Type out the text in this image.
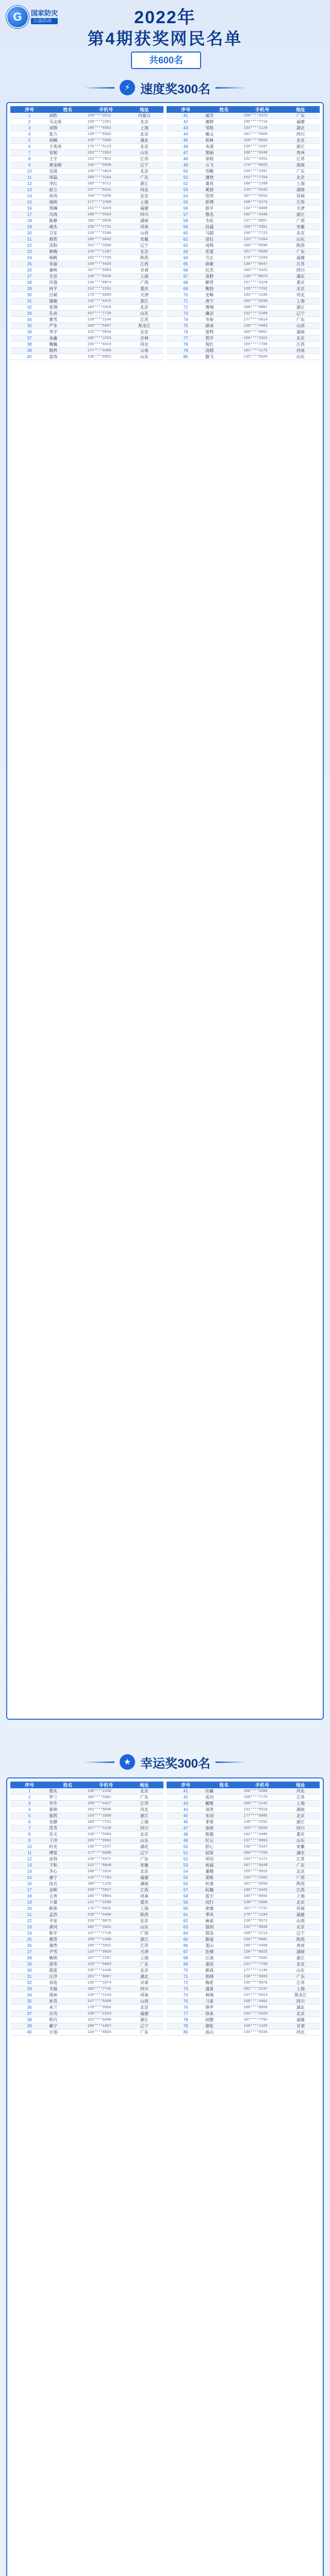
G	国家防灾
公益活动	2022年
第4期获奖网民名单
共600名
⚡ 速度奖300名
序号	姓名	手机号	地址
1	刘欣	150****3211	内蒙古
2	马文成	158****2261	北京
3	刘锦	186****6562	上海
4	张力	139****8562	北京
5	胡楠	135****3365	湖北
6	王兆岚	176****5123	北京
7	安妮	183****2652	山东
8	王宇	133****7821	江苏
9	黄金刚	136****9930	辽宁
10	吴晨	138****1024	北京
11	周磊	189****2264	广东
12	李红	185****8711	浙江
13	赵立	137****6542	河北
14	孙伟	150****3356	北京
15	钱明	177****2208	上海
16	郑琳	131****4419	福建
17	冯涛	188****5563	四川
18	陈静	186****9020	湖南
19	褚杰	159****7731	河南
20	卫东	139****2286	山西
21	蒋欣	180****6642	安徽
22	沈阳	151****3390	辽宁
23	韩梅	134****1187	北京
24	杨帆	182****7759	陕西
25	朱丽	158****4426	江西
26	秦岭	187****9903	甘肃
27	尤佳	130****5536	上海
28	许强	136****8874	广西
29	何平	152****2261	重庆
30	吕斌	178****6605	天津
31	施敏	135****4472	浙江
32	张翔	183****3318	北京
33	孔亮	157****7720	山东
34	曹雪	139****1146	江苏
35	严冬	189****5587	黑龙江
36	华宇	132****9934	北京
37	金鑫	186****2253	吉林
38	魏巍	155****6619	河北
39	陶然	177****4408	云南
40	姜涛	138****8862	山东
序号	姓名	手机号	地址
41	戚芳	150****3375	广东
42	谢婷	185****7716	福建
43	邹凯	133****1120	湖北
44	喻文	181****5569	四川
45	柏林	159****9943	北京
46	水清	136****2287	浙江
47	窦丽	188****6630	贵州
48	章程	131****4451	江苏
49	云飞	176****8825	海南
50	苏醒	139****3397	广东
51	潘登	152****7764	北京
52	葛亮	180****1108	上海
53	奚蓉	135****5542	湖南
54	范伟	187****9916	河南
55	彭博	158****2273	江西
56	郎平	134****6689	天津
57	鲁迅	182****4430	浙江
58	韦伦	137****8857	广西
59	昌盛	150****3301	安徽
60	马超	186****7725	北京
61	苗壮	133****1164	山东
62	凤鸣	189****5590	陕西
63	花蕾	151****9938	广东
64	方正	178****2209	福建
65	俞敏	136****6647	江苏
66	任杰	185****4415	四川
67	袁野	130****8873	湖北
68	柳青	157****3328	重庆
69	鲍勃	139****7762	北京
70	史峰	183****1196	河北
71	唐宁	155****5530	上海
72	费翔	188****9907	浙江
73	廉洁	132****2268	辽宁
74	岑参	177****6614	广东
75	薛冰	138****4483	山西
76	雷鸣	186****8851	湖南
77	贺岁	150****3322	北京
78	倪红	159****7709	江西
79	汤圆	181****1175	河南
80	滕飞	135****5546	山东
★ 幸运奖300名
序号	姓名	手机号	地址
1	殷实	138****2250	北京
2	罗兰	186****6681	广东
3	毕升	150****4417	江苏
4	郝帅	183****8836	河北
5	邬然	133****3309	浙江
6	安静	189****7751	上海
7	常青	157****1128	四川
8	乐天	136****5594	北京
9	于洋	185****9962	山东
10	时光	130****2237	湖北
11	傅雷	177****6605	辽宁
12	皮特	139****4471	广东
13	卞和	152****8840	安徽
14	齐心	188****3316	北京
15	康宁	134****7783	福建
16	伍兵	180****1159	湖南
17	余晖	158****5527	江西
18	元宵	186****9904	河南
19	卜算	131****2268	重庆
20	顾客	176****6632	上海
21	孟浩	138****4409	陕西
22	平安	155****8875	北京
23	黄河	182****3341	山东
24	和平	137****7718	广西
25	穆青	150****1186	浙江
26	萧然	189****5552	江苏
27	尹雪	133****9920	天津
28	姚明	187****2297	上海
29	邵华	159****6663	广东
30	湛蓝	135****4430	北京
31	汪洋	181****8807	湖北
32	祁连	136****3374	甘肃
33	毛毅	185****7741	四川
34	禹州	130****1115	河南
35	狄青	157****5589	山西
36	米兰	178****9956	北京
37	贝壳	139****2223	福建
38	明月	152****6690	浙江
39	臧宁	188****4467	辽宁
40	计划	134****8834	广东
序号	姓名	手机号	地址
41	伏羲	180****3308	河北
42	成功	158****7775	江苏
43	戴维	186****1142	上海
44	谈笑	131****5519	湖南
45	宋词	177****9985	北京
46	茅盾	138****2252	浙江
47	庞统	155****6629	四川
48	熊猫	182****4496	重庆
49	纪元	137****8863	山东
50	舒心	150****3337	安徽
51	屈原	189****7704	湖北
52	项羽	133****1171	江苏
53	祝福	187****5548	广东
54	董卿	159****9915	北京
55	梁栋	135****2282	广西
56	杜甫	181****6659	陕西
57	阮籍	136****4426	江西
58	蓝天	185****8893	上海
59	闵行	130****3360	北京
60	席慕	157****7737	河南
61	季风	178****1104	福建
62	麻雀	139****5571	山西
63	强国	152****9948	北京
64	贾岛	188****2214	辽宁
65	路遥	134****6681	陕西
66	娄山	180****4458	贵州
67	危楼	158****8825	湖南
68	江南	186****3392	浙江
69	童话	131****7769	北京
70	颜真	177****1136	山东
71	郭靖	138****5503	广东
72	梅花	155****9970	江苏
73	盛夏	182****2247	上海
74	林海	137****6614	黑龙江
75	刁蛮	150****4481	四川
76	钟声	189****8858	湖北
77	徐来	133****3325	北京
78	邱壑	187****7792	福建
79	骆驼	159****1169	甘肃
80	高山	135****5536	河北
